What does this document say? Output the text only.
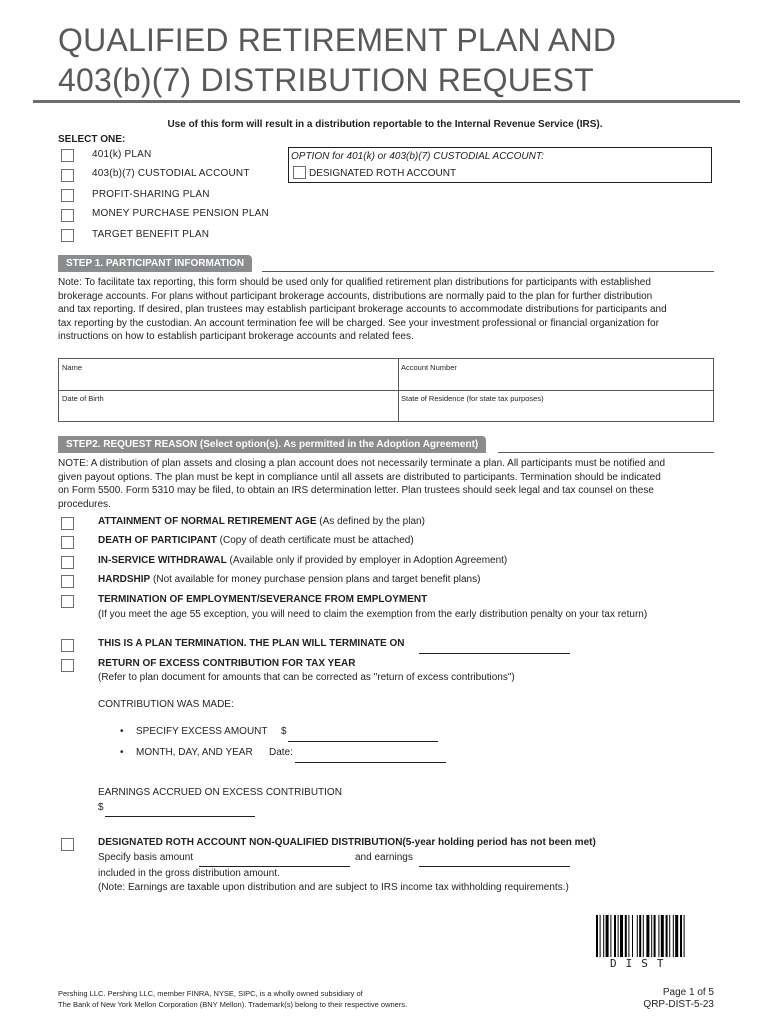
QUALIFIED RETIREMENT PLAN AND
403(b)(7) DISTRIBUTION REQUEST
Use of this form will result in a distribution reportable to the Internal Revenue Service (IRS).
SELECT ONE:
401(k) PLAN
403(b)(7) CUSTODIAL ACCOUNT
PROFIT-SHARING PLAN
MONEY PURCHASE PENSION PLAN
TARGET BENEFIT PLAN
OPTION for 401(k) or 403(b)(7) CUSTODIAL ACCOUNT:
DESIGNATED ROTH ACCOUNT
STEP 1. PARTICIPANT INFORMATION
Note: To facilitate tax reporting, this form should be used only for qualified retirement plan distributions for participants with established
brokerage accounts. For plans without participant brokerage accounts, distributions are normally paid to the plan for further distribution
and tax reporting. If desired, plan trustees may establish participant brokerage accounts to accommodate distributions for participants and
tax reporting by the custodian. An account termination fee will be charged. See your investment professional or financial organization for
instructions on how to establish participant brokerage accounts and related fees.
Name	Account Number
Date of Birth	State of Residence (for state tax purposes)
STEP2. REQUEST REASON (Select option(s). As permitted in the Adoption Agreement)
NOTE: A distribution of plan assets and closing a plan account does not necessarily terminate a plan. All participants must be notified and
given payout options. The plan must be kept in compliance until all assets are distributed to participants. Termination should be indicated
on Form 5500. Form 5310 may be filed, to obtain an IRS determination letter. Plan trustees should seek legal and tax counsel on these
procedures.
ATTAINMENT OF NORMAL RETIREMENT AGE (As defined by the plan)
DEATH OF PARTICIPANT (Copy of death certificate must be attached)
IN-SERVICE WITHDRAWAL (Available only if provided by employer in Adoption Agreement)
HARDSHIP (Not available for money purchase pension plans and target benefit plans)
TERMINATION OF EMPLOYMENT/SEVERANCE FROM EMPLOYMENT
(If you meet the age 55 exception, you will need to claim the exemption from the early distribution penalty on your tax return)
THIS IS A PLAN TERMINATION. THE PLAN WILL TERMINATE ON
RETURN OF EXCESS CONTRIBUTION FOR TAX YEAR
(Refer to plan document for amounts that can be corrected as "return of excess contributions")
CONTRIBUTION WAS MADE:
• SPECIFY EXCESS AMOUNT $
• MONTH, DAY, AND YEAR Date:
EARNINGS ACCRUED ON EXCESS CONTRIBUTION
$
DESIGNATED ROTH ACCOUNT NON-QUALIFIED DISTRIBUTION(5-year holding period has not been met)
Specify basis amount	and earnings
included in the gross distribution amount.
(Note: Earnings are taxable upon distribution and are subject to IRS income tax withholding requirements.)
DIST
Pershing LLC. Pershing LLC, member FINRA, NYSE, SIPC, is a wholly owned subsidiary of
The Bank of New York Mellon Corporation (BNY Mellon). Trademark(s) belong to their respective owners.
Page 1 of 5
QRP-DIST-5-23
